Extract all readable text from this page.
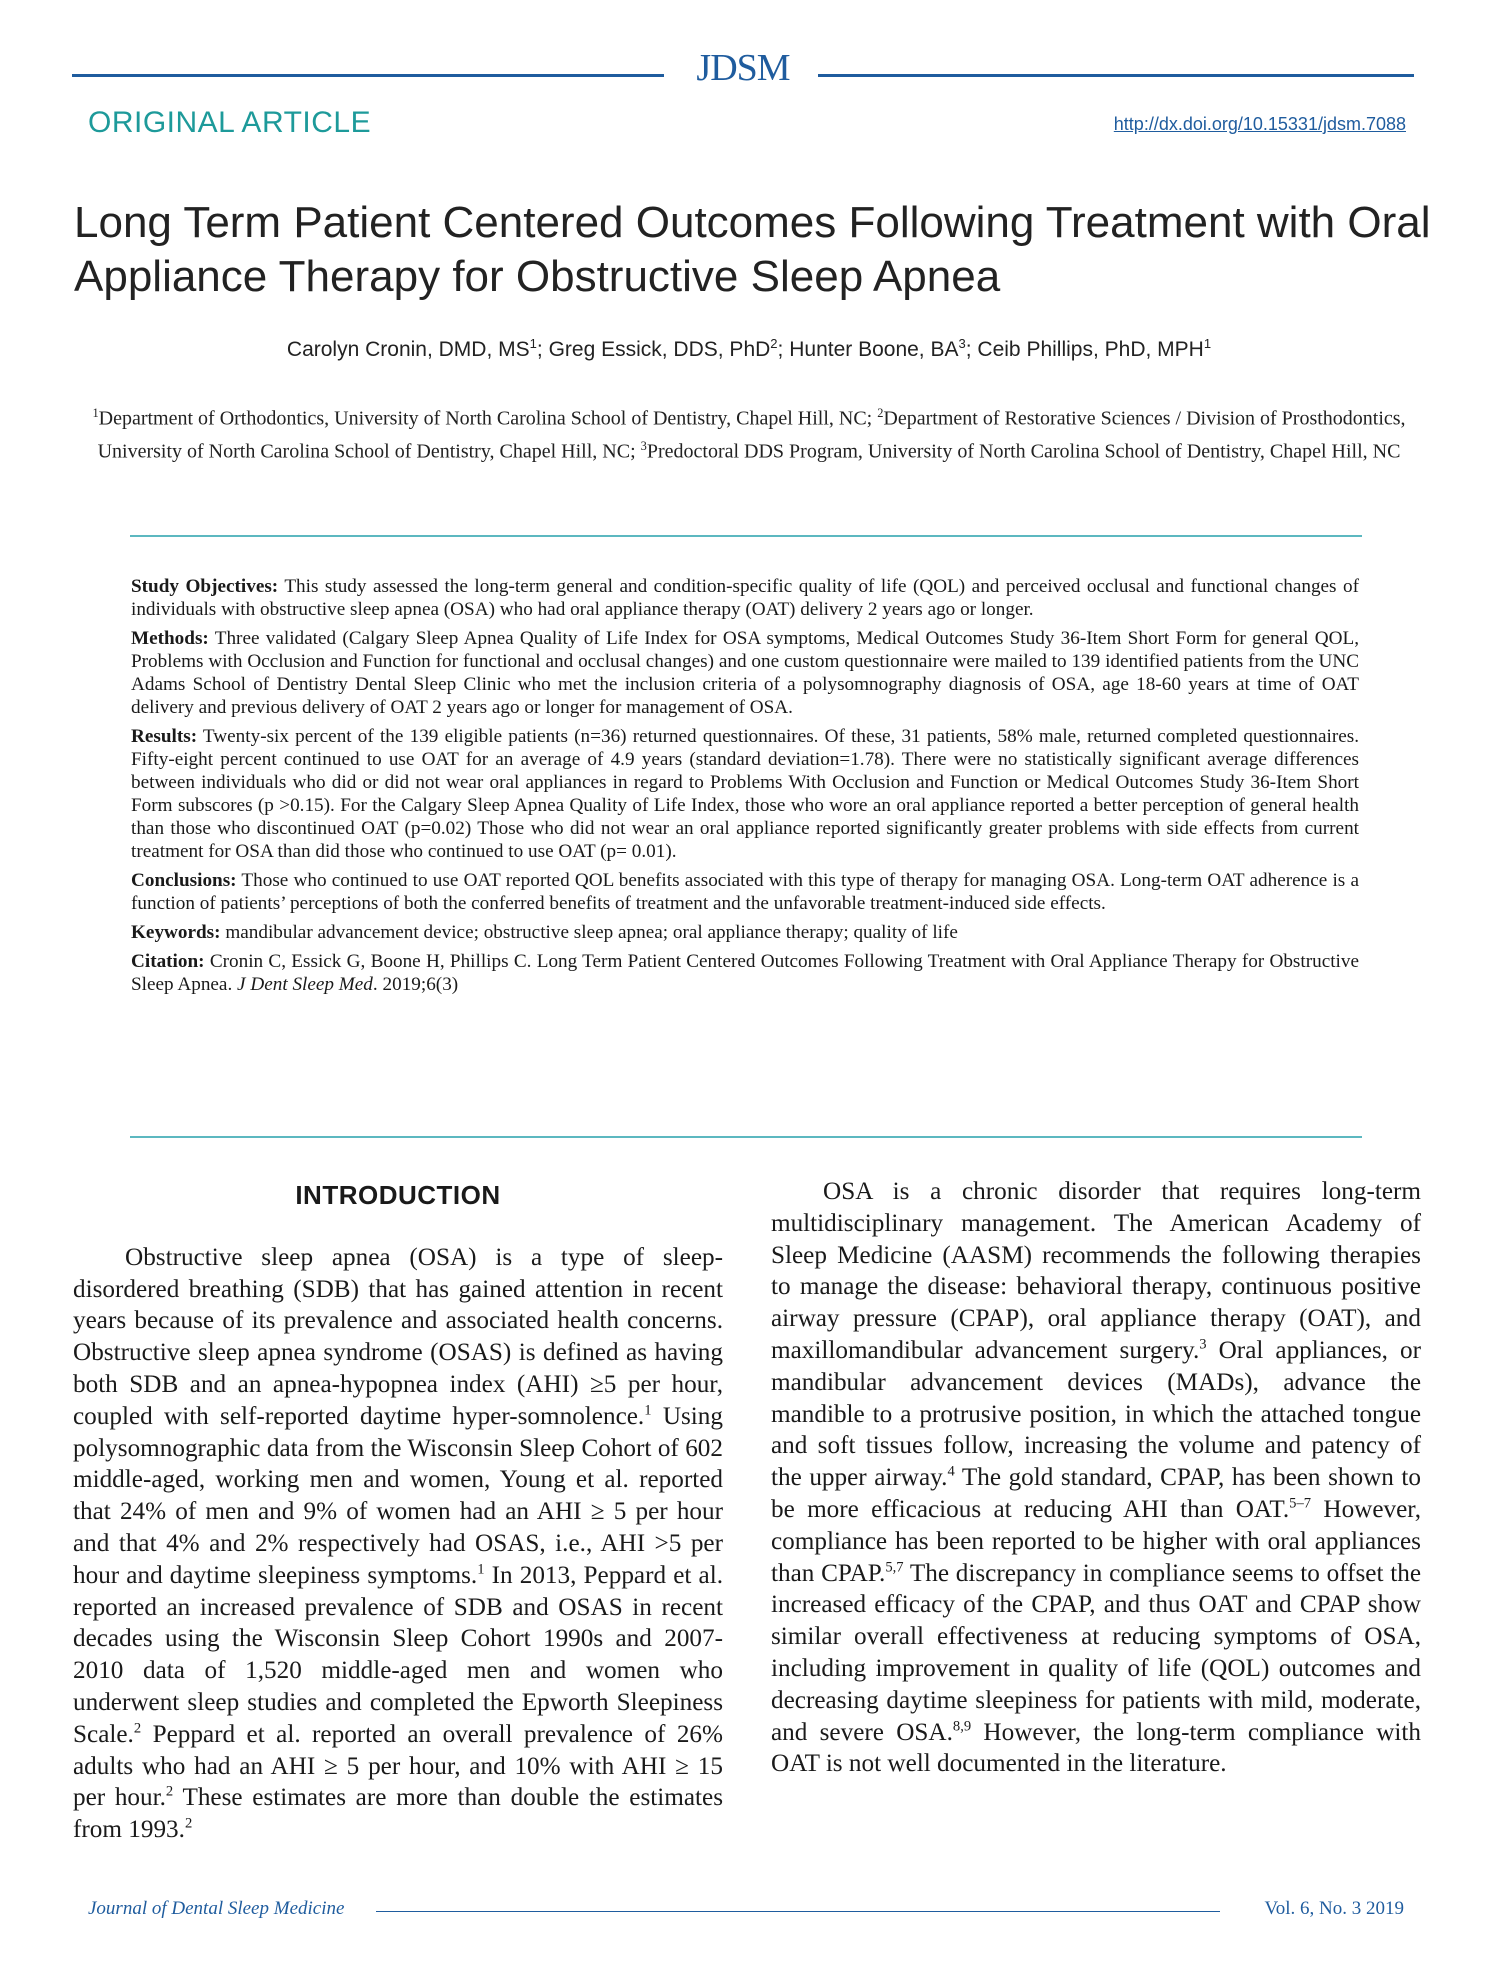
JDSM
ORIGINAL ARTICLE	http://dx.doi.org/10.15331/jdsm.7088
Long Term Patient Centered Outcomes Following Treatment with Oral Appliance Therapy for Obstructive Sleep Apnea
Carolyn Cronin, DMD, $MS^1$; Greg Essick, DDS, PhD$^2$; Hunter Boone, $BA^3$; Ceib Phillips, PhD, MPH$^1$
$^1$Department of Orthodontics, University of North Carolina School of Dentistry, Chapel Hill, NC; $^2$Department of Restorative Sciences / Division of Prosthodontics, University of North Carolina School of Dentistry, Chapel Hill, NC; $^3$Predoctoral DDS Program, University of North Carolina School of Dentistry, Chapel Hill, NC

Study Objectives: This study assessed the long-term general and condition-specific quality of life (QOL) and perceived occlusal and functional changes of individuals with obstructive sleep apnea (OSA) who had oral appliance therapy (OAT) delivery 2 years ago or longer.

Methods: Three validated (Calgary Sleep Apnea Quality of Life Index for OSA symptoms, Medical Outcomes Study 36-Item Short Form for general QOL, Problems with Occlusion and Function for functional and occlusal changes) and one custom questionnaire were mailed to 139 identified patients from the UNC Adams School of Dentistry Dental Sleep Clinic who met the inclusion criteria of a polysomnography diagnosis of OSA, age 18-60 years at time of OAT delivery and previous delivery of OAT 2 years ago or longer for management of OSA.

Results: Twenty-six percent of the 139 eligible patients (n=36) returned questionnaires. Of these, 31 patients, 58% male, returned completed questionnaires. Fifty-eight percent continued to use OAT for an average of 4.9 years (standard deviation=1.78). There were no statistically significant average differences between individuals who did or did not wear oral appliances in regard to Problems With Occlusion and Function or Medical Outcomes Study 36-Item Short Form subscores (p >0.15). For the Calgary Sleep Apnea Quality of Life Index, those who wore an oral appliance reported a better perception of general health than those who discontinued OAT (p=0.02) Those who did not wear an oral appliance reported significantly greater problems with side effects from current treatment for OSA than did those who continued to use OAT (p= 0.01).

Conclusions: Those who continued to use OAT reported QOL benefits associated with this type of therapy for managing OSA. Long-term OAT adherence is a function of patients’ perceptions of both the conferred benefits of treatment and the unfavorable treatment-induced side effects.

Keywords: mandibular advancement device; obstructive sleep apnea; oral appliance therapy; quality of life

Citation: Cronin C, Essick G, Boone H, Phillips C. Long Term Patient Centered Outcomes Following Treatment with Oral Appliance Therapy for Obstructive Sleep Apnea. J Dent Sleep Med. 2019;6(3)

INTRODUCTION

Obstructive sleep apnea (OSA) is a type of sleep-disordered breathing (SDB) that has gained attention in recent years because of its prevalence and associated health concerns. Obstructive sleep apnea syndrome (OSAS) is defined as having both SDB and an apnea-hypopnea index (AHI) ≥5 per hour, coupled with self-reported daytime hyper-somnolence.$^1$ Using polysomnographic data from the Wisconsin Sleep Cohort of 602 middle-aged, working men and women, Young et al. reported that 24% of men and 9% of women had an AHI ≥ 5 per hour and that 4% and 2% respectively had OSAS, i.e., AHI >5 per hour and daytime sleepiness symptoms.$^1$ In 2013, Peppard et al. reported an increased prevalence of SDB and OSAS in recent decades using the Wisconsin Sleep Cohort 1990s and 2007-2010 data of 1,520 middle-aged men and women who underwent sleep studies and completed the Epworth Sleepiness Scale.$^2$ Peppard et al. reported an overall prevalence of 26% adults who had an AHI ≥ 5 per hour, and 10% with AHI ≥ 15 per hour.$^2$ These estimates are more than double the estimates from 1993.$^2$

OSA is a chronic disorder that requires long-term multidisciplinary management. The American Academy of Sleep Medicine (AASM) recommends the following therapies to manage the disease: behavioral therapy, continuous positive airway pressure (CPAP), oral appliance therapy (OAT), and maxillomandibular advancement surgery.$^3$ Oral appliances, or mandibular advancement devices (MADs), advance the mandible to a protrusive position, in which the attached tongue and soft tissues follow, increasing the volume and patency of the upper airway.$^4$ The gold standard, CPAP, has been shown to be more efficacious at reducing AHI than OAT.$^{5-7}$ However, compliance has been reported to be higher with oral appliances than CPAP.$^{5,7}$ The discrepancy in compliance seems to offset the increased efficacy of the CPAP, and thus OAT and CPAP show similar overall effectiveness at reducing symptoms of OSA, including improvement in quality of life (QOL) outcomes and decreasing daytime sleepiness for patients with mild, moderate, and severe OSA.$^{8,9}$ However, the long-term compliance with OAT is not well documented in the literature.

Journal of Dental Sleep Medicine	Vol. 6, No. 3 2019
